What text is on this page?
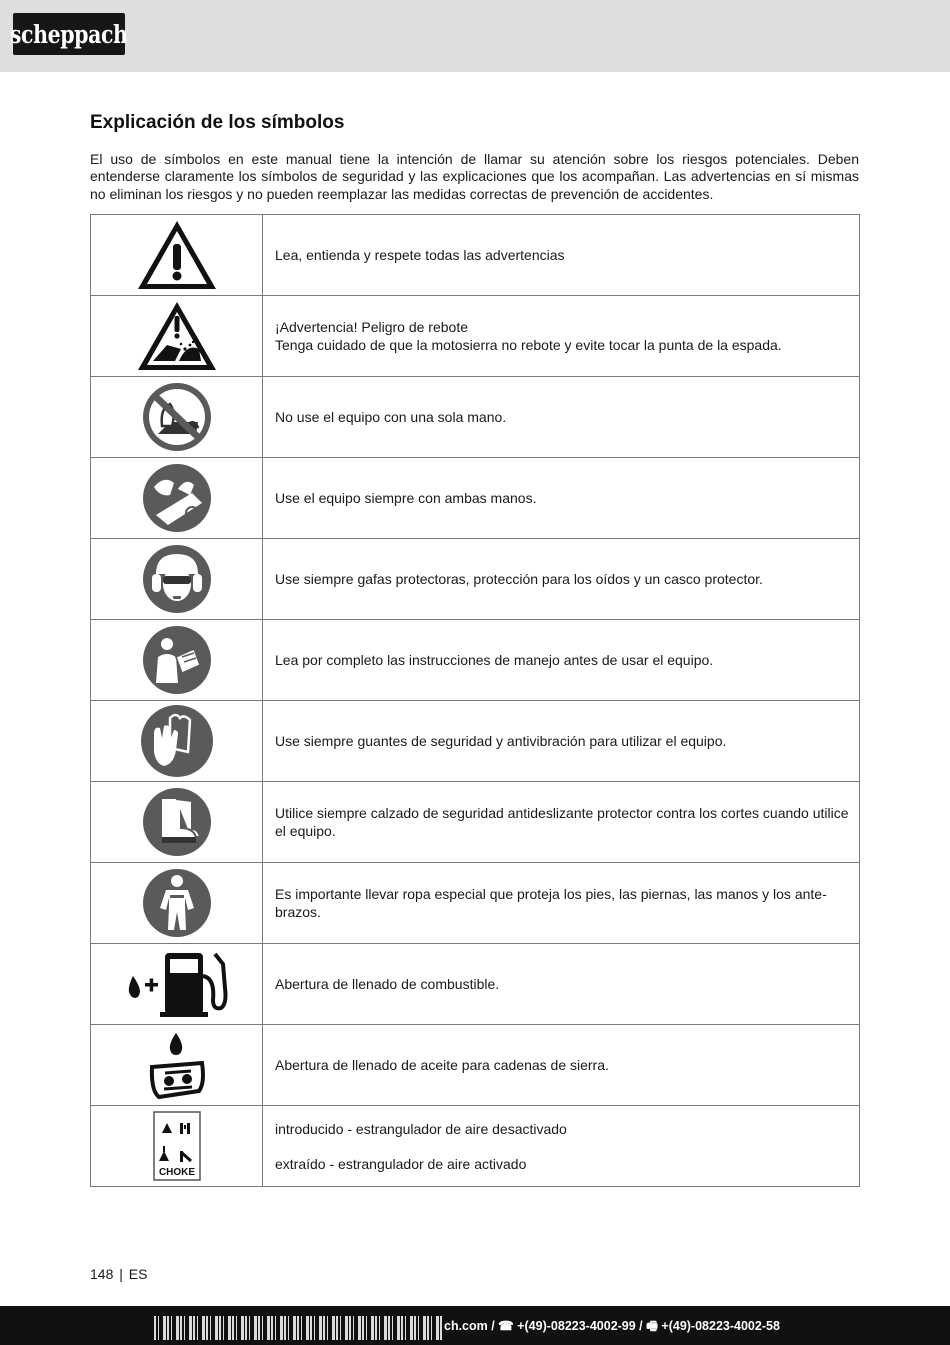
scheppach
Explicación de los símbolos

El uso de símbolos en este manual tiene la intención de llamar su atención sobre los riesgos potenciales. Deben entenderse claramente los símbolos de seguridad y las explicaciones que los acompañan. Las advertencias en sí mismas no eliminan los riesgos y no pueden reemplazar las medidas correctas de prevención de accidentes.

Lea, entienda y respete todas las advertencias

¡Advertencia! Peligro de rebote
Tenga cuidado de que la motosierra no rebote y evite tocar la punta de la espada.

No use el equipo con una sola mano.

Use el equipo siempre con ambas manos.

Use siempre gafas protectoras, protección para los oídos y un casco protector.

Lea por completo las instrucciones de manejo antes de usar el equipo.

Use siempre guantes de seguridad y antivibración para utilizar el equipo.

Utilice siempre calzado de seguridad antideslizante protector contra los cortes cuando utilice el equipo.

Es importante llevar ropa especial que proteja los pies, las piernas, las manos y los ante-brazos.

Abertura de llenado de combustible.

Abertura de llenado de aceite para cadenas de sierra.

CHOKE	introducido - estrangulador de aire desactivado
extraído - estrangulador de aire activado
148 | ES
ch.com / ☎ +(49)-08223-4002-99 / 🖷 +(49)-08223-4002-58
